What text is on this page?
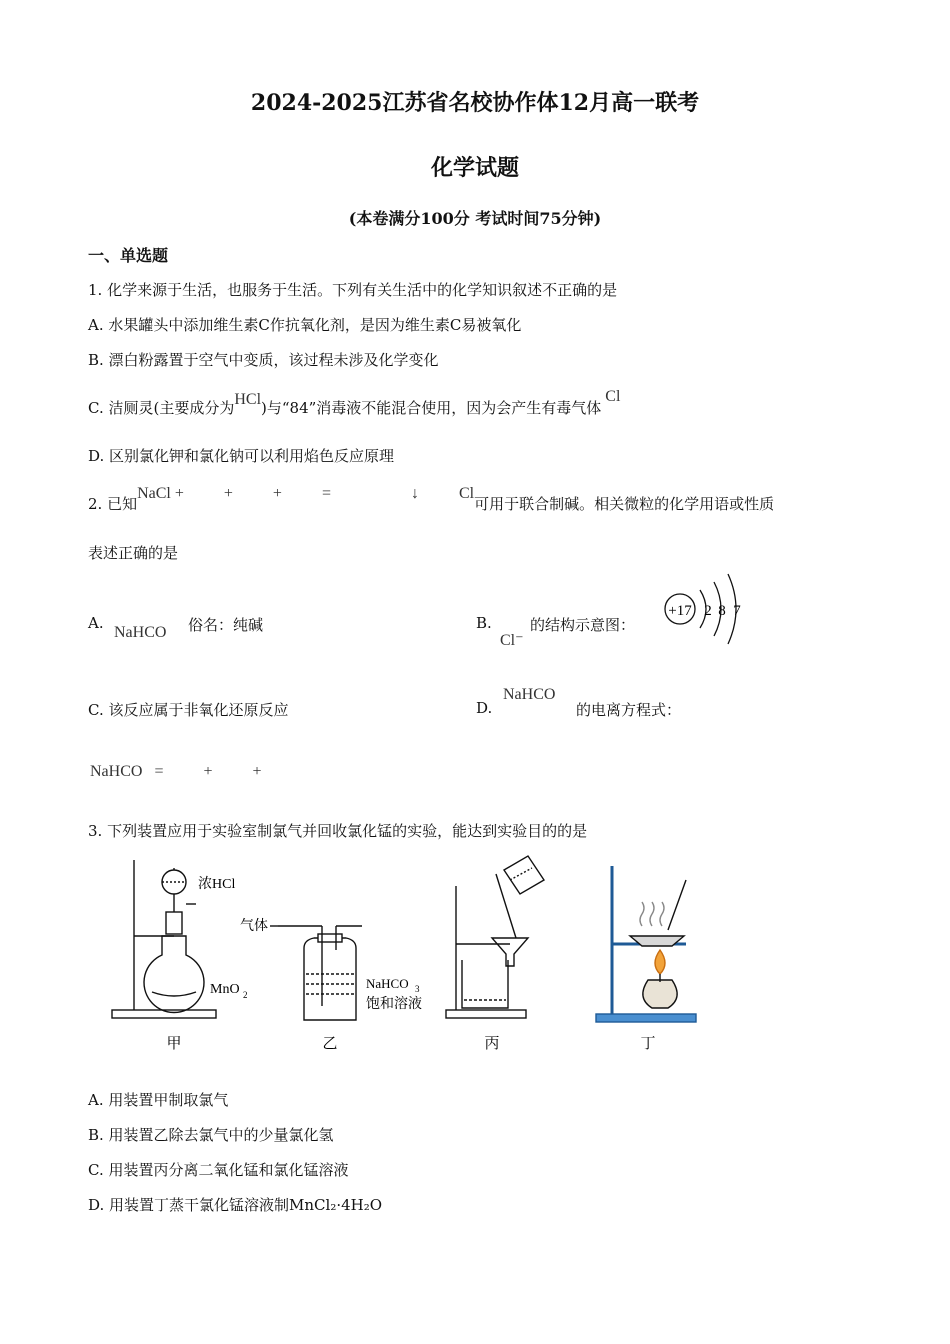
2024-2025江苏省名校协作体12月高一联考
化学试题
(本卷满分100分 考试时间75分钟)
一、单选题
1. 化学来源于生活，也服务于生活。下列有关生活中的化学知识叙述不正确的是
A. 水果罐头中添加维生素C作抗氧化剂，是因为维生素C易被氧化
B. 漂白粉露置于空气中变质，该过程未涉及化学变化
C. 洁厕灵(主要成分为HCl)与“84”消毒液不能混合使用，因为会产生有毒气体Cl
D. 区别氯化钾和氯化钠可以利用焰色反应原理
2. 已知NaCl +          +          +          =                    ↓          Cl可用于联合制碱。相关微粒的化学用语或性质
表述正确的是
A.
NaHCO 俗名：纯碱	B.
Cl⁻
的结构示意图：
+17 2 8 7
C. 该反应属于非氧化还原反应	D.
NaHCO
的电离方程式：
NaHCO   =          +          +
3. 下列装置应用于实验室制氯气并回收氯化锰的实验，能达到实验目的的是
浓HCl
MnO 2
气体
NaHCO 3
饱和溶液
甲	乙	丙	丁
A. 用装置甲制取氯气
B. 用装置乙除去氯气中的少量氯化氢
C. 用装置丙分离二氧化锰和氯化锰溶液
D. 用装置丁蒸干氯化锰溶液制MnCl₂·4H₂O
